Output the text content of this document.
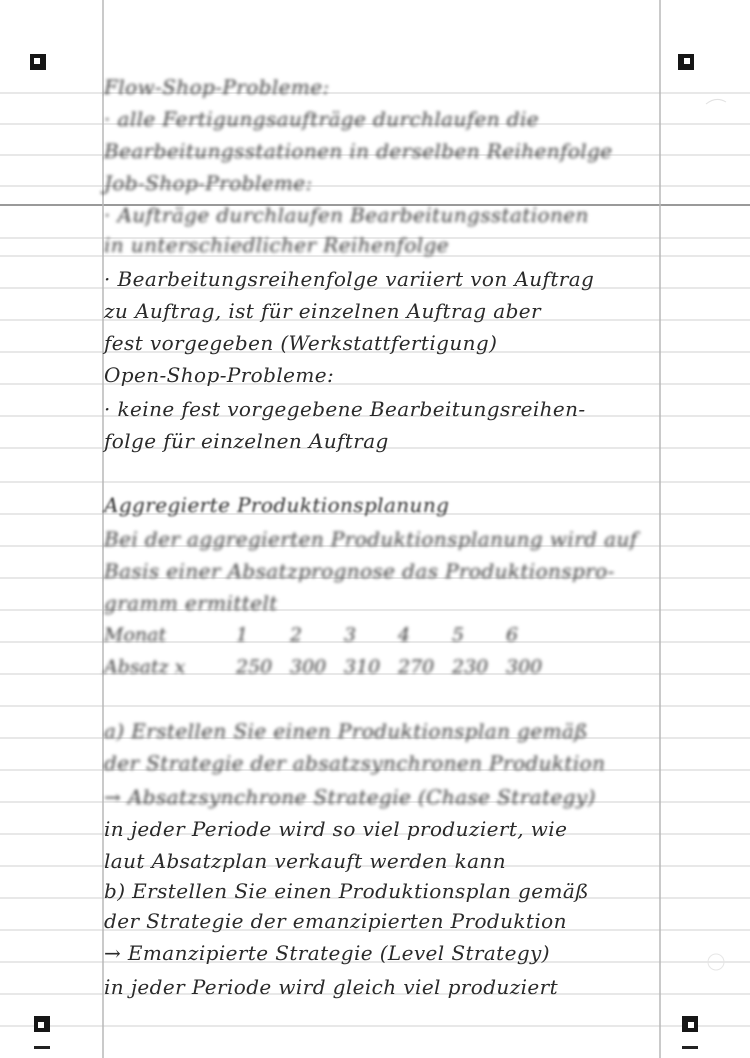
Flow-Shop-Probleme:
· alle Fertigungsaufträge durchlaufen die
Bearbeitungsstationen in derselben Reihenfolge
Job-Shop-Probleme:
· Aufträge durchlaufen Bearbeitungsstationen
in unterschiedlicher Reihenfolge
· Bearbeitungsreihenfolge variiert von Auftrag
zu Auftrag, ist für einzelnen Auftrag aber
fest vorgegeben (Werkstattfertigung)
Open-Shop-Probleme:
· keine fest vorgegebene Bearbeitungsreihen-
folge für einzelnen Auftrag
Aggregierte Produktionsplanung
Bei der aggregierten Produktionsplanung wird auf
Basis einer Absatzprognose das Produktionspro-
gramm ermittelt
Monat	1	2	3	4	5	6
Absatz x	250 300 310 270 230 300
a) Erstellen Sie einen Produktionsplan gemäß
der Strategie der absatzsynchronen Produktion
→ Absatzsynchrone Strategie (Chase Strategy)
in jeder Periode wird so viel produziert, wie
laut Absatzplan verkauft werden kann
b) Erstellen Sie einen Produktionsplan gemäß
der Strategie der emanzipierten Produktion
→ Emanzipierte Strategie (Level Strategy)
in jeder Periode wird gleich viel produziert
